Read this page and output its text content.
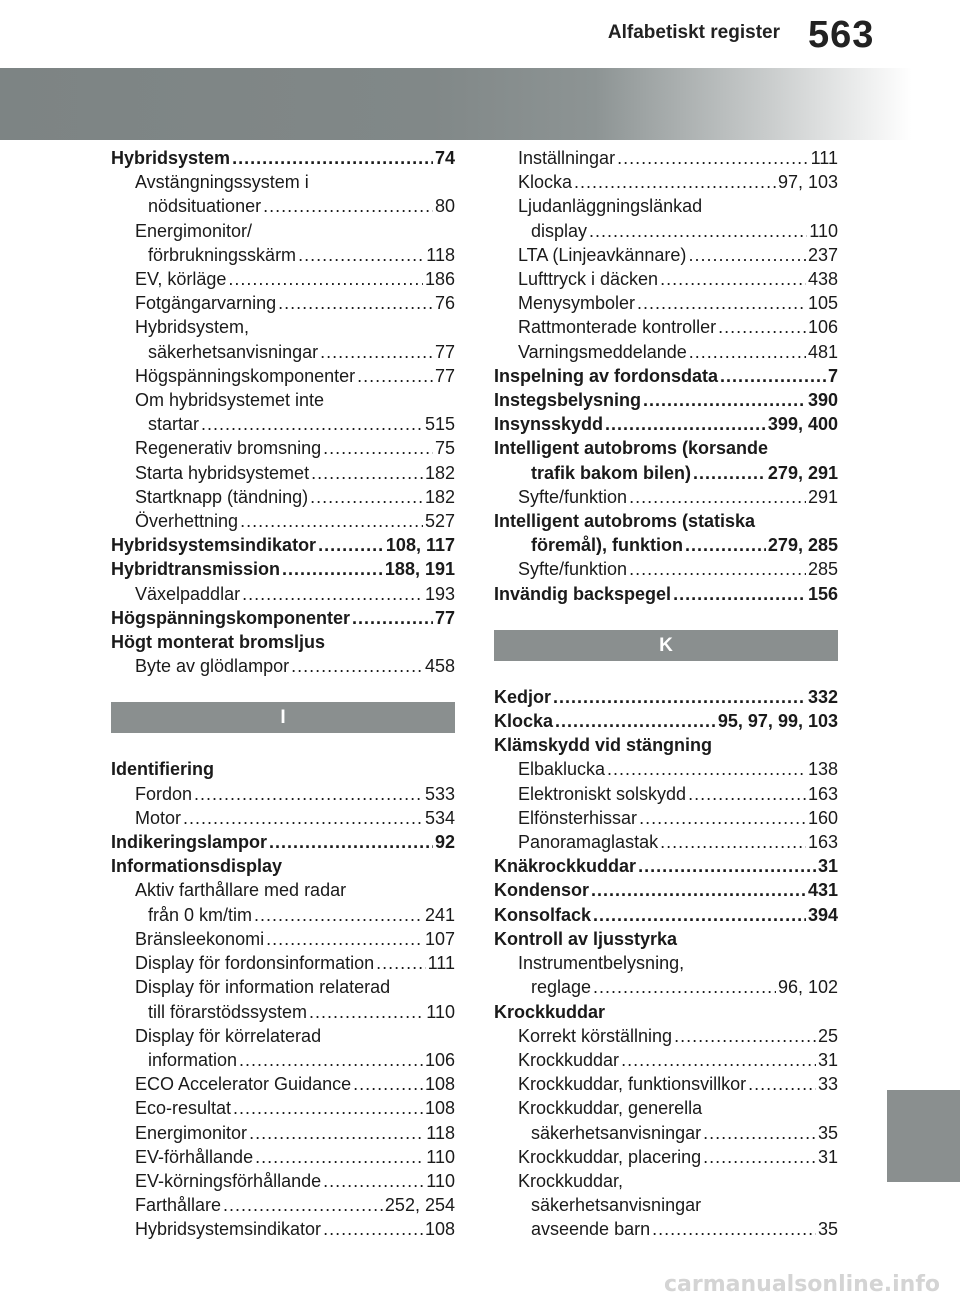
Alfabetiskt register 563
Hybridsystem .....	74
Avstängningssystem i
nödsituationer .....	80
Energimonitor/
förbrukningsskärm .....	118
EV, körläge .....	186
Fotgängarvarning .....	76
Hybridsystem,
säkerhetsanvisningar .....	77
Högspänningskomponenter .....	77
Om hybridsystemet inte
startar .....	515
Regenerativ bromsning .....	75
Starta hybridsystemet .....	182
Startknapp (tändning) .....	182
Överhettning .....	527
Hybridsystemsindikator .....	108, 117
Hybridtransmission .....	188, 191
Växelpaddlar .....	193
Högspänningskomponenter .....	77
Högt monterat bromsljus
Byte av glödlampor .....	458
I
Identifiering
Fordon .....	533
Motor .....	534
Indikeringslampor .....	92
Informationsdisplay
Aktiv farthållare med radar
från 0 km/tim .....	241
Bränsleekonomi .....	107
Display för fordonsinformation .....	111
Display för information relaterad
till förarstödssystem .....	110
Display för körrelaterad
information .....	106
ECO Accelerator Guidance .....	108
Eco-resultat .....	108
Energimonitor .....	118
EV-förhållande .....	110
EV-körningsförhållande .....	110
Farthållare .....	252, 254
Hybridsystemsindikator .....	108
Inställningar .....	111
Klocka .....	97, 103
Ljudanläggningslänkad
display .....	110
LTA (Linjeavkännare) .....	237
Lufttryck i däcken .....	438
Menysymboler .....	105
Rattmonterade kontroller .....	106
Varningsmeddelande .....	481
Inspelning av fordonsdata .....	7
Instegsbelysning .....	390
Insynsskydd .....	399, 400
Intelligent autobroms (korsande
trafik bakom bilen) .....	279, 291
Syfte/funktion .....	291
Intelligent autobroms (statiska
föremål), funktion .....	279, 285
Syfte/funktion .....	285
Invändig backspegel .....	156
K
Kedjor .....	332
Klocka .....	95, 97, 99, 103
Klämskydd vid stängning
Elbaklucka .....	138
Elektroniskt solskydd .....	163
Elfönsterhissar .....	160
Panoramaglastak .....	163
Knäkrockkuddar .....	31
Kondensor .....	431
Konsolfack .....	394
Kontroll av ljusstyrka
Instrumentbelysning,
reglage .....	96, 102
Krockkuddar
Korrekt körställning .....	25
Krockkuddar .....	31
Krockkuddar, funktionsvillkor .....	33
Krockkuddar, generella
säkerhetsanvisningar .....	35
Krockkuddar, placering .....	31
Krockkuddar,
säkerhetsanvisningar
avseende barn .....	35
carmanualsonline.info
